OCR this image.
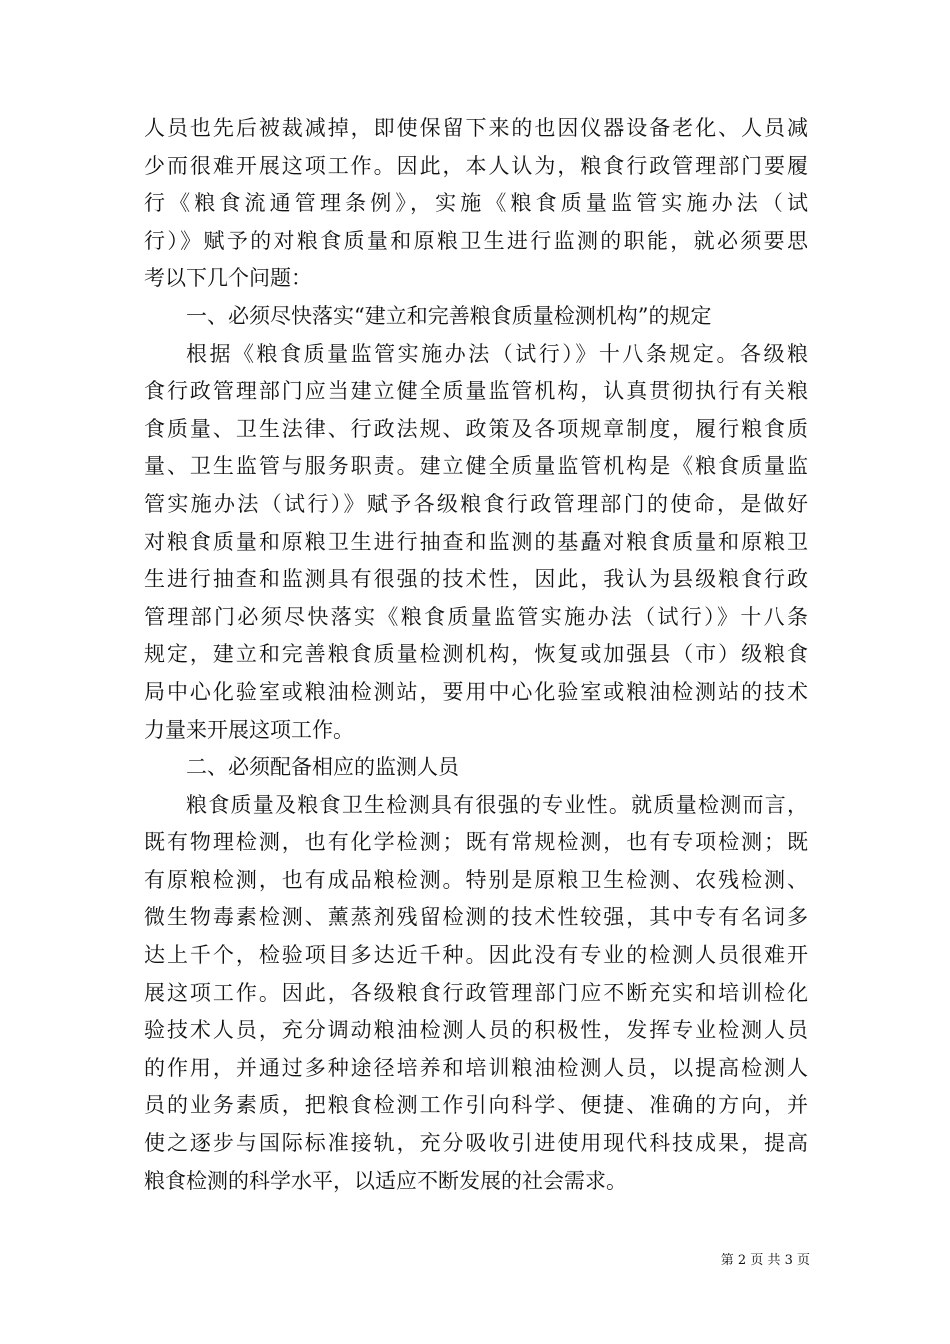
人员也先后被裁减掉，即使保留下来的也因仪器设备老化、人员减
少而很难开展这项工作。因此，本人认为，粮食行政管理部门要履
行《粮食流通管理条例》，实施《粮食质量监管实施办法（试
行）》赋予的对粮食质量和原粮卫生进行监测的职能，就必须要思
考以下几个问题：
一、必须尽快落实“建立和完善粮食质量检测机构”的规定
根据《粮食质量监管实施办法（试行）》十八条规定。各级粮
食行政管理部门应当建立健全质量监管机构，认真贯彻执行有关粮
食质量、卫生法律、行政法规、政策及各项规章制度，履行粮食质
量、卫生监管与服务职责。建立健全质量监管机构是《粮食质量监
管实施办法（试行）》赋予各级粮食行政管理部门的使命，是做好
对粮食质量和原粮卫生进行抽查和监测的基矗对粮食质量和原粮卫
生进行抽查和监测具有很强的技术性，因此，我认为县级粮食行政
管理部门必须尽快落实《粮食质量监管实施办法（试行）》十八条
规定，建立和完善粮食质量检测机构，恢复或加强县（市）级粮食
局中心化验室或粮油检测站，要用中心化验室或粮油检测站的技术
力量来开展这项工作。
二、必须配备相应的监测人员
粮食质量及粮食卫生检测具有很强的专业性。就质量检测而言，
既有物理检测，也有化学检测；既有常规检测，也有专项检测；既
有原粮检测，也有成品粮检测。特别是原粮卫生检测、农残检测、
微生物毒素检测、薰蒸剂残留检测的技术性较强，其中专有名词多
达上千个，检验项目多达近千种。因此没有专业的检测人员很难开
展这项工作。因此，各级粮食行政管理部门应不断充实和培训检化
验技术人员，充分调动粮油检测人员的积极性，发挥专业检测人员
的作用，并通过多种途径培养和培训粮油检测人员，以提高检测人
员的业务素质，把粮食检测工作引向科学、便捷、准确的方向，并
使之逐步与国际标准接轨，充分吸收引进使用现代科技成果，提高
粮食检测的科学水平，以适应不断发展的社会需求。
第 2 页 共 3 页
